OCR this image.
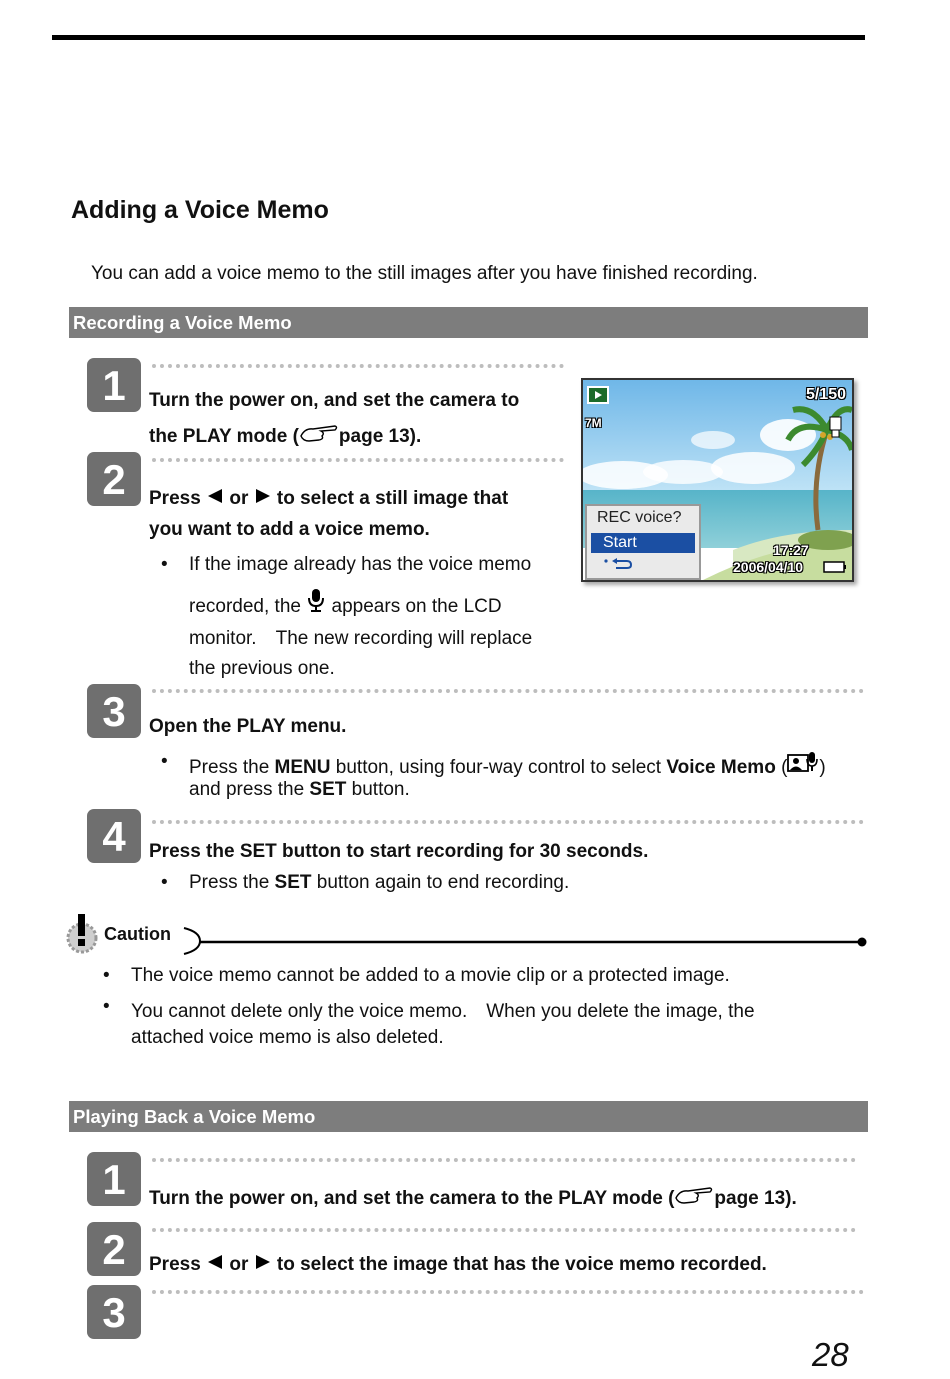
Adding a Voice Memo
You can add a voice memo to the still images after you have finished recording.
Recording a Voice Memo
1	Turn the power on, and set the camera to
the PLAY mode ( page 13).
2	Press or to select a still image that
you want to add a voice memo.
• If the image already has the voice memo
recorded, the appears on the LCD
monitor.　The new recording will replace
the previous one.
7M
5/150
REC voice?
Start	17:27
2006/04/10
3	Open the PLAY menu.
• Press the MENU button, using four-way control to select Voice Memo ( )
and press the SET button.
4	Press the SET button to start recording for 30 seconds.
• Press the SET button again to end recording.
Caution
• The voice memo cannot be added to a movie clip or a protected image.
• You cannot delete only the voice memo.　When you delete the image, the
attached voice memo is also deleted.
Playing Back a Voice Memo
1	Turn the power on, and set the camera to the PLAY mode ( page 13).
2	Press or to select the image that has the voice memo recorded.
3
28
